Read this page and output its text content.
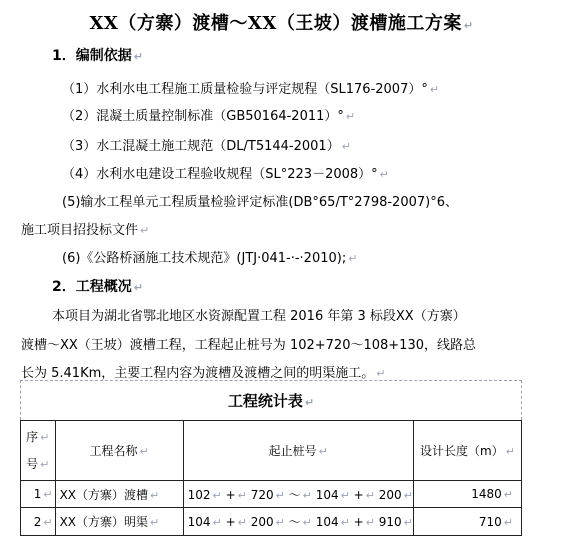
XX（方寨）渡槽～XX（王坡）渡槽施工方案 ↵
1．编制依据 ↵
（1）水利水电工程施工质量检验与评定规程（SL176-2007）° ↵
（2）混凝土质量控制标准（GB50164-2011）° ↵
（3）水工混凝土施工规范（DL/T5144-2001） ↵
（4）水利水电建设工程验收规程（SL°223－2008）° ↵
(5)输水工程单元工程质量检验评定标准(DB°65/T°2798-2007)°6、
施工项目招投标文件 ↵
(6)《公路桥涵施工技术规范》(JTJ·041-·-·2010); ↵
2．工程概况 ↵
本项目为湖北省鄂北地区水资源配置工程 2016 年第 3 标段XX（方寨）
渡槽～XX（王坡）渡槽工程，工程起止桩号为 102+720～108+130，线路总
长为 5.41Km，主要工程内容为渡槽及渡槽之间的明渠施工。 ↵
工程统计表 ↵
序 ↵
号 ↵	工程名称 ↵	起止桩号 ↵	设计长度（m） ↵
1 ↵	XX（方寨）渡槽 ↵	102 ↵ + ↵ 720 ↵ ～ ↵ 104 ↵ + ↵ 200 ↵	1480 ↵
2 ↵	XX（方寨）明渠 ↵	104 ↵ + ↵ 200 ↵ ～ ↵ 104 ↵ + ↵ 910 ↵	710 ↵
